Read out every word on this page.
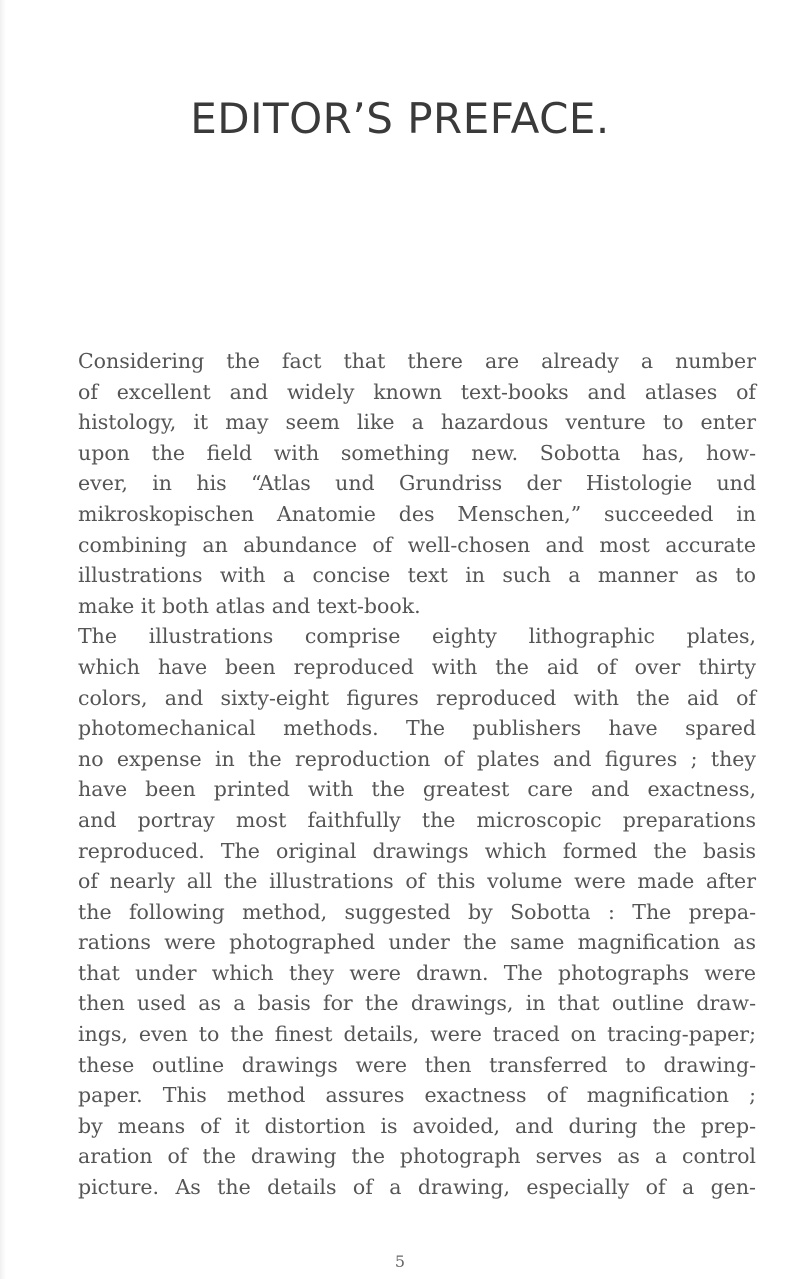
EDITOR’S PREFACE.
Considering the fact that there are already a number
of excellent and widely known text-books and atlases of
histology, it may seem like a hazardous venture to enter
upon the field with something new. Sobotta has, how-
ever, in his “Atlas und Grundriss der Histologie und
mikroskopischen Anatomie des Menschen,” succeeded in
combining an abundance of well-chosen and most accurate
illustrations with a concise text in such a manner as to
make it both atlas and text-book.
The illustrations comprise eighty lithographic plates,
which have been reproduced with the aid of over thirty
colors, and sixty-eight figures reproduced with the aid of
photomechanical methods. The publishers have spared
no expense in the reproduction of plates and figures ; they
have been printed with the greatest care and exactness,
and portray most faithfully the microscopic preparations
reproduced. The original drawings which formed the basis
of nearly all the illustrations of this volume were made after
the following method, suggested by Sobotta : The prepa-
rations were photographed under the same magnification as
that under which they were drawn. The photographs were
then used as a basis for the drawings, in that outline draw-
ings, even to the finest details, were traced on tracing-paper;
these outline drawings were then transferred to drawing-
paper. This method assures exactness of magnification ;
by means of it distortion is avoided, and during the prep-
aration of the drawing the photograph serves as a control
picture. As the details of a drawing, especially of a gen-
5
